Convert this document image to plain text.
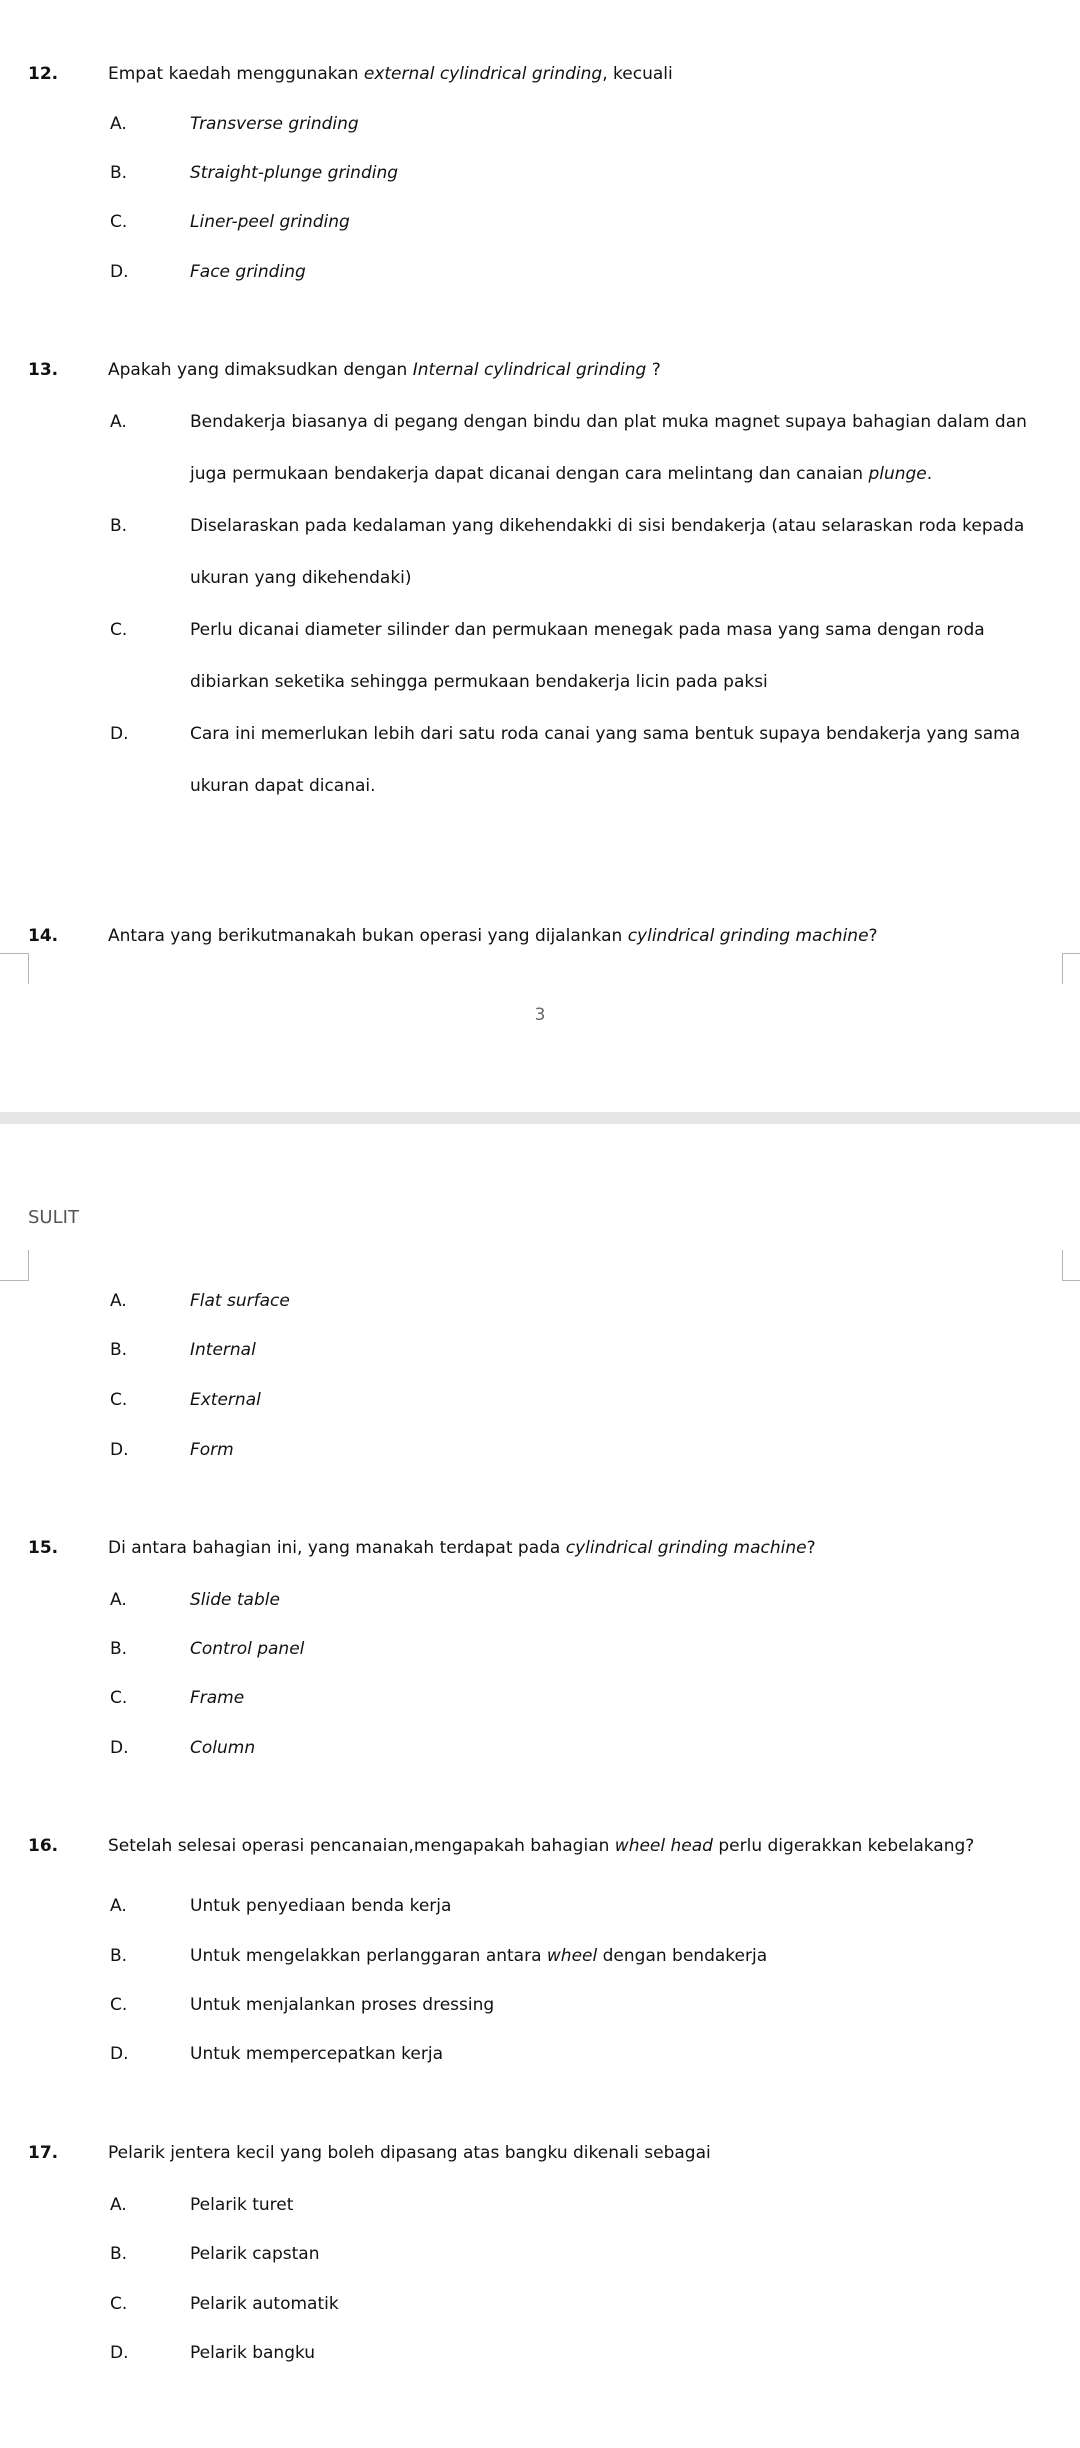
3
SULIT
12.	Empat kaedah menggunakan external cylindrical grinding, kecuali
A.	Transverse grinding
B.	Straight-plunge grinding
C.	Liner-peel grinding
D.	Face grinding
13.	Apakah yang dimaksudkan dengan Internal cylindrical grinding ?
A.	Bendakerja biasanya di pegang dengan bindu dan plat muka magnet supaya bahagian dalam dan juga permukaan bendakerja dapat dicanai dengan cara melintang dan canaian plunge.
B.	Diselaraskan pada kedalaman yang dikehendakki di sisi bendakerja (atau selaraskan roda kepada ukuran yang dikehendaki)
C.	Perlu dicanai diameter silinder dan permukaan menegak pada masa yang sama dengan roda dibiarkan seketika sehingga permukaan bendakerja licin pada paksi
D.	Cara ini memerlukan lebih dari satu roda canai yang sama bentuk supaya bendakerja yang sama ukuran dapat dicanai.
14.	Antara yang berikutmanakah bukan operasi yang dijalankan cylindrical grinding machine?
A.	Flat surface
B.	Internal
C.	External
D.	Form
15.	Di antara bahagian ini, yang manakah terdapat pada cylindrical grinding machine?
A.	Slide table
B.	Control panel
C.	Frame
D.	Column
16.	Setelah selesai operasi pencanaian,mengapakah bahagian wheel head perlu digerakkan kebelakang?
A.	Untuk penyediaan benda kerja
B.	Untuk mengelakkan perlanggaran antara wheel dengan bendakerja
C.	Untuk menjalankan proses dressing
D.	Untuk mempercepatkan kerja
17.	Pelarik jentera kecil yang boleh dipasang atas bangku dikenali sebagai
A.	Pelarik turet
B.	Pelarik capstan
C.	Pelarik automatik
D.	Pelarik bangku
